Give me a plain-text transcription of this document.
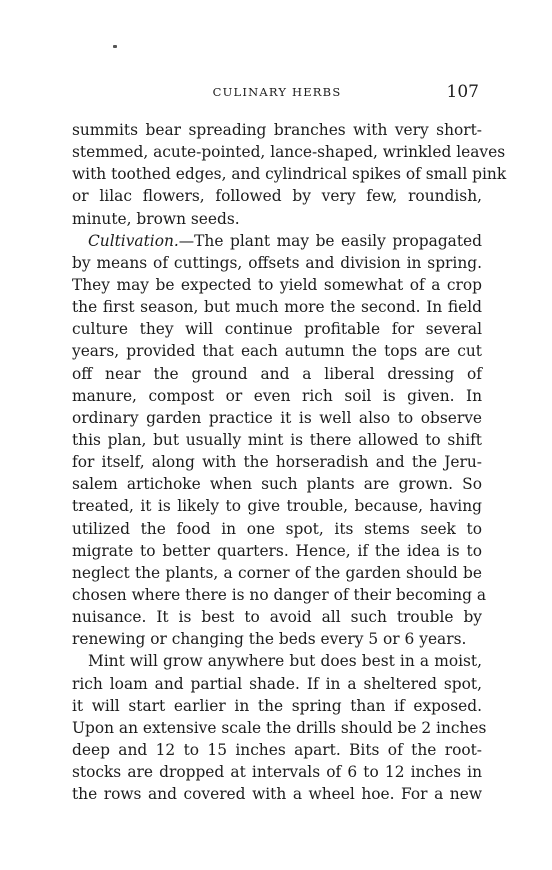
CULINARY HERBS	107
summits bear spreading branches with very short-
stemmed, acute-pointed, lance-shaped, wrinkled leaves
with toothed edges, and cylindrical spikes of small pink
or lilac flowers, followed by very few, roundish,
minute, brown seeds.
Cultivation.—The plant may be easily propagated
by means of cuttings, offsets and division in spring.
They may be expected to yield somewhat of a crop
the first season, but much more the second. In field
culture they will continue profitable for several
years, provided that each autumn the tops are cut
off near the ground and a liberal dressing of
manure, compost or even rich soil is given. In
ordinary garden practice it is well also to observe
this plan, but usually mint is there allowed to shift
for itself, along with the horseradish and the Jeru-
salem artichoke when such plants are grown. So
treated, it is likely to give trouble, because, having
utilized the food in one spot, its stems seek to
migrate to better quarters. Hence, if the idea is to
neglect the plants, a corner of the garden should be
chosen where there is no danger of their becoming a
nuisance. It is best to avoid all such trouble by
renewing or changing the beds every 5 or 6 years.
Mint will grow anywhere but does best in a moist,
rich loam and partial shade. If in a sheltered spot,
it will start earlier in the spring than if exposed.
Upon an extensive scale the drills should be 2 inches
deep and 12 to 15 inches apart. Bits of the root-
stocks are dropped at intervals of 6 to 12 inches in
the rows and covered with a wheel hoe. For a new
